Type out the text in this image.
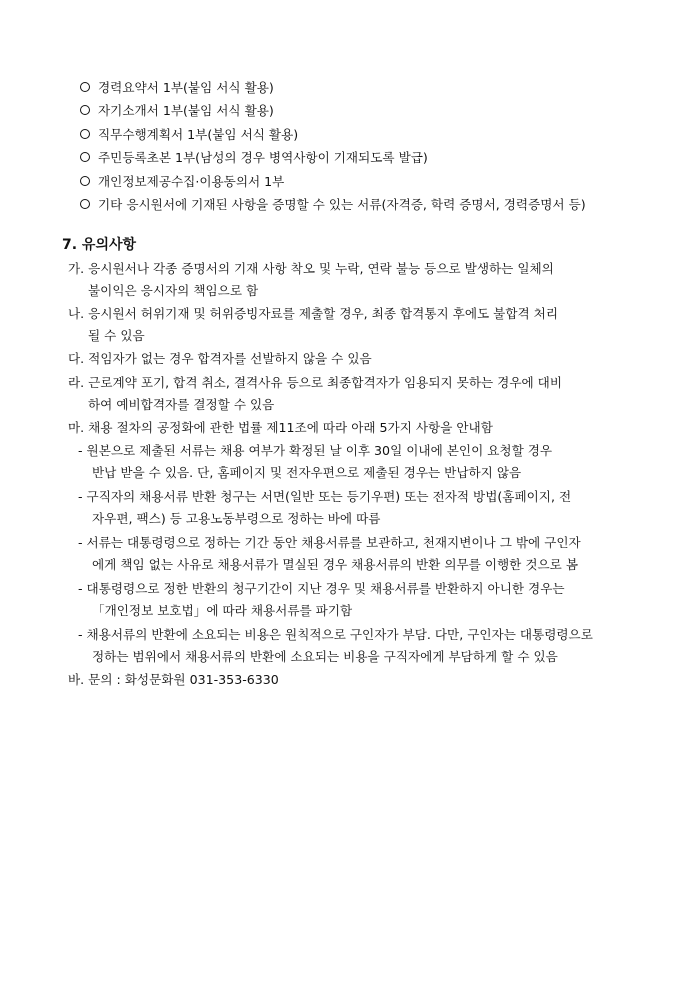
경력요약서 1부(붙임 서식 활용)
자기소개서 1부(붙임 서식 활용)
직무수행계획서 1부(붙임 서식 활용)
주민등록초본 1부(남성의 경우 병역사항이 기재되도록 발급)
개인정보제공수집·이용동의서 1부
기타 응시원서에 기재된 사항을 증명할 수 있는 서류(자격증, 학력 증명서, 경력증명서 등)
7. 유의사항
가. 응시원서나 각종 증명서의 기재 사항 착오 및 누락, 연락 불능 등으로 발생하는 일체의
불이익은 응시자의 책임으로 함
나. 응시원서 허위기재 및 허위증빙자료를 제출할 경우, 최종 합격통지 후에도 불합격 처리
될 수 있음
다. 적임자가 없는 경우 합격자를 선발하지 않을 수 있음
라. 근로계약 포기, 합격 취소, 결격사유 등으로 최종합격자가 임용되지 못하는 경우에 대비
하여 예비합격자를 결정할 수 있음
마. 채용 절차의 공정화에 관한 법률 제11조에 따라 아래 5가지 사항을 안내함
- 원본으로 제출된 서류는 채용 여부가 확정된 날 이후 30일 이내에 본인이 요청할 경우
반납 받을 수 있음. 단, 홈페이지 및 전자우편으로 제출된 경우는 반납하지 않음
- 구직자의 채용서류 반환 청구는 서면(일반 또는 등기우편) 또는 전자적 방법(홈페이지, 전
자우편, 팩스) 등 고용노동부령으로 정하는 바에 따름
- 서류는 대통령령으로 정하는 기간 동안 채용서류를 보관하고, 천재지변이나 그 밖에 구인자
에게 책임 없는 사유로 채용서류가 멸실된 경우 채용서류의 반환 의무를 이행한 것으로 봄
- 대통령령으로 정한 반환의 청구기간이 지난 경우 및 채용서류를 반환하지 아니한 경우는
「개인정보 보호법」에 따라 채용서류를 파기함
- 채용서류의 반환에 소요되는 비용은 원칙적으로 구인자가 부담. 다만, 구인자는 대통령령으로
정하는 범위에서 채용서류의 반환에 소요되는 비용을 구직자에게 부담하게 할 수 있음
바. 문의 : 화성문화원 031-353-6330
